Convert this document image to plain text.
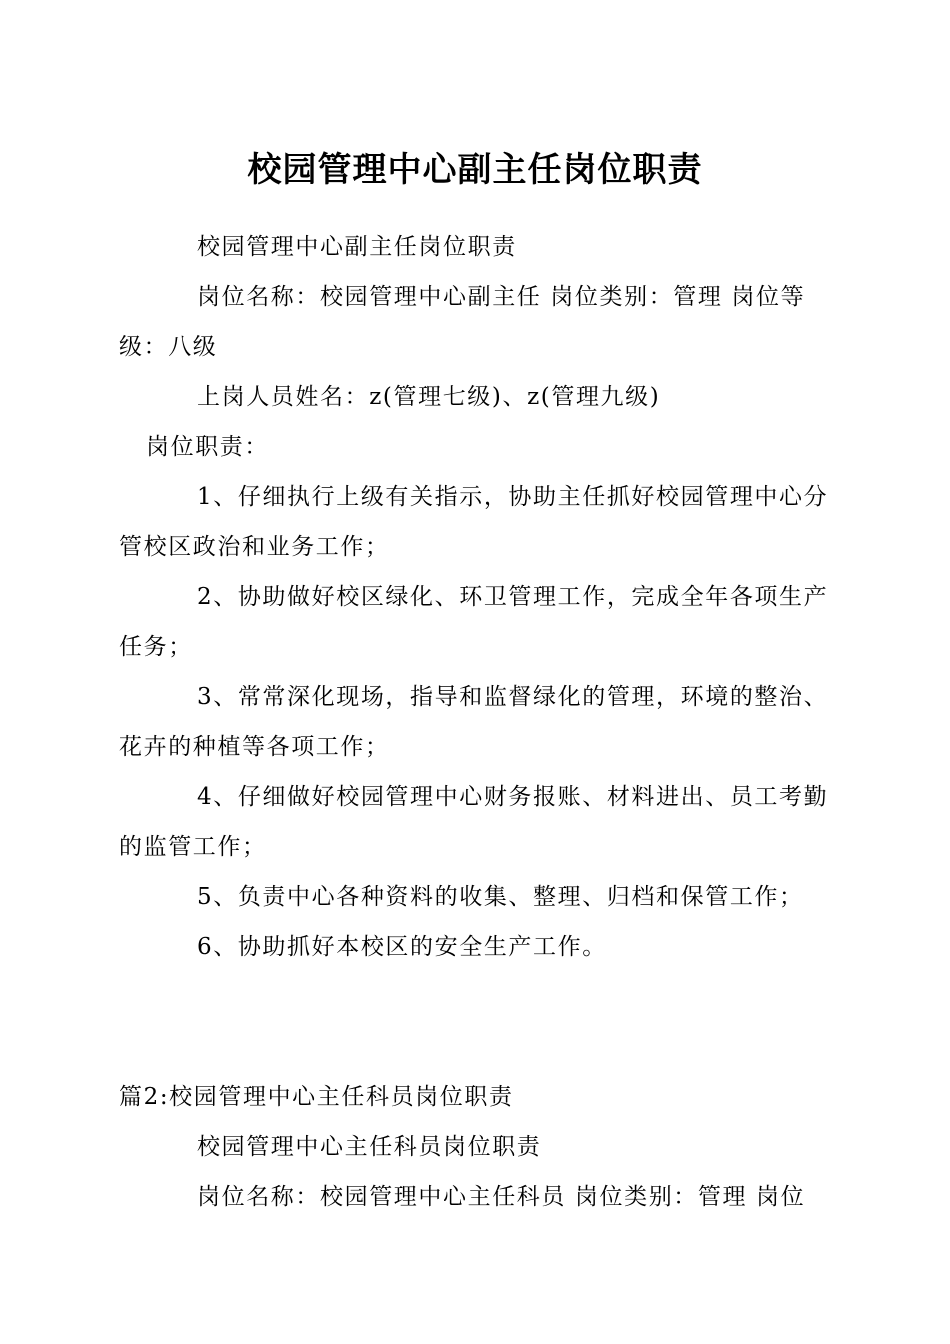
校园管理中心副主任岗位职责

校园管理中心副主任岗位职责

岗位名称：校园管理中心副主任 岗位类别：管理 岗位等级：八级

上岗人员姓名：z(管理七级)、z(管理九级)

岗位职责：

1、仔细执行上级有关指示，协助主任抓好校园管理中心分管校区政治和业务工作；

2、协助做好校区绿化、环卫管理工作，完成全年各项生产任务；

3、常常深化现场，指导和监督绿化的管理，环境的整治、花卉的种植等各项工作；

4、仔细做好校园管理中心财务报账、材料进出、员工考勤的监管工作；

5、负责中心各种资料的收集、整理、归档和保管工作；

6、协助抓好本校区的安全生产工作。

篇2:校园管理中心主任科员岗位职责

校园管理中心主任科员岗位职责

岗位名称：校园管理中心主任科员 岗位类别：管理 岗位
